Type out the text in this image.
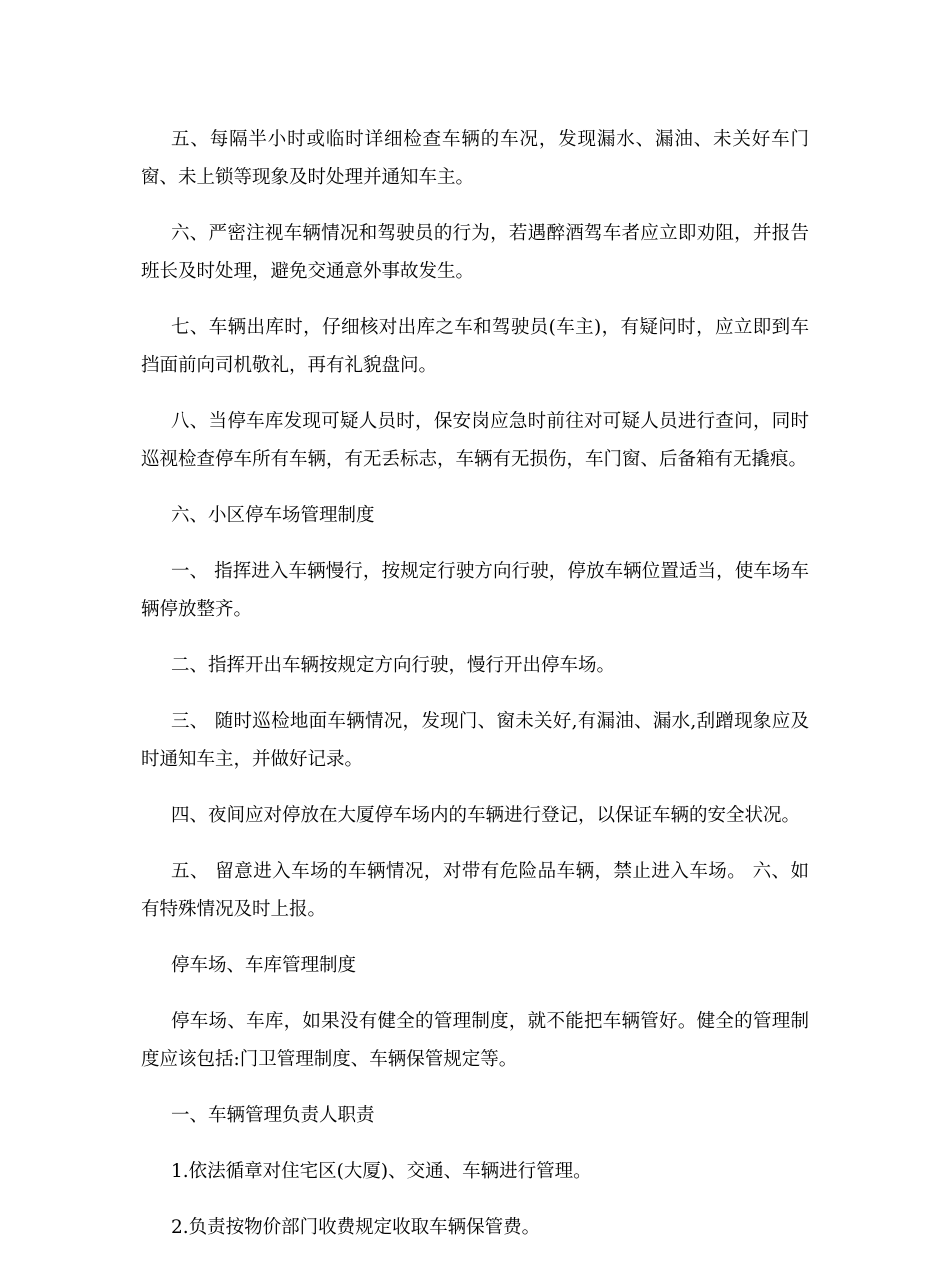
五、每隔半小时或临时详细检查车辆的车况，发现漏水、漏油、未关好车门窗、未上锁等现象及时处理并通知车主。

六、严密注视车辆情况和驾驶员的行为，若遇醉酒驾车者应立即劝阻，并报告班长及时处理，避免交通意外事故发生。

七、车辆出库时，仔细核对出库之车和驾驶员(车主)，有疑问时，应立即到车挡面前向司机敬礼，再有礼貌盘问。

八、当停车库发现可疑人员时，保安岗应急时前往对可疑人员进行查问，同时巡视检查停车所有车辆，有无丢标志，车辆有无损伤，车门窗、后备箱有无撬痕。

六、小区停车场管理制度

一、 指挥进入车辆慢行，按规定行驶方向行驶，停放车辆位置适当，使车场车辆停放整齐。

二、指挥开出车辆按规定方向行驶，慢行开出停车场。

三、 随时巡检地面车辆情况，发现门、窗未关好,有漏油、漏水,刮蹭现象应及时通知车主，并做好记录。

四、夜间应对停放在大厦停车场内的车辆进行登记，以保证车辆的安全状况。

五、 留意进入车场的车辆情况，对带有危险品车辆，禁止进入车场。 六、如有特殊情况及时上报。

停车场、车库管理制度

停车场、车库，如果没有健全的管理制度，就不能把车辆管好。健全的管理制度应该包括:门卫管理制度、车辆保管规定等。

一、车辆管理负责人职责

1.依法循章对住宅区(大厦)、交通、车辆进行管理。

2.负责按物价部门收费规定收取车辆保管费。
